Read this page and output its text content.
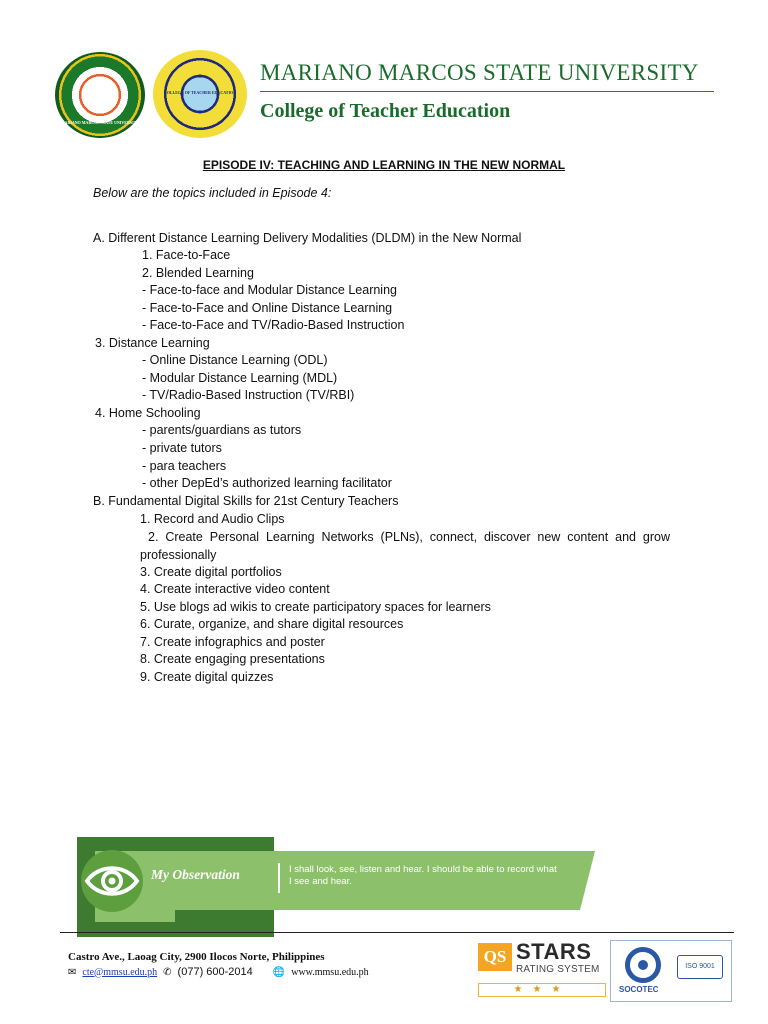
MARIANO MARCOS STATE UNIVERSITY
COLLEGE OF TEACHER EDUCATION
MARIANO MARCOS STATE UNIVERSITY
College of Teacher Education
EPISODE IV: TEACHING AND LEARNING IN THE NEW NORMAL
Below are the topics included in Episode 4:
A. Different Distance Learning Delivery Modalities (DLDM) in the New Normal
1. Face-to-Face
2. Blended Learning
- Face-to-face and Modular Distance Learning
- Face-to-Face and Online Distance Learning
- Face-to-Face and TV/Radio-Based Instruction
3. Distance Learning
- Online Distance Learning (ODL)
- Modular Distance Learning (MDL)
- TV/Radio-Based Instruction (TV/RBI)
4. Home Schooling
- parents/guardians as tutors
- private tutors
- para teachers
- other DepEd’s authorized learning facilitator
B. Fundamental Digital Skills for 21st Century Teachers
1. Record and Audio Clips
2. Create Personal Learning Networks (PLNs), connect, discover new content and grow professionally
3. Create digital portfolios
4. Create interactive video content
5. Use blogs ad wikis to create participatory spaces for learners
6. Curate, organize, and share digital resources
7. Create infographics and poster
8. Create engaging presentations
9. Create digital quizzes
My Observation	I shall look, see, listen and hear. I should be able to record what I see and hear.
Castro Ave., Laoag City, 2900 Ilocos Norte, Philippines
✉ cte@mmsu.edu.ph ✆ (077) 600-2014 🌐 www.mmsu.edu.ph
QS STARS
RATING SYSTEM
★★★	SOCOTEC
ISO 9001
